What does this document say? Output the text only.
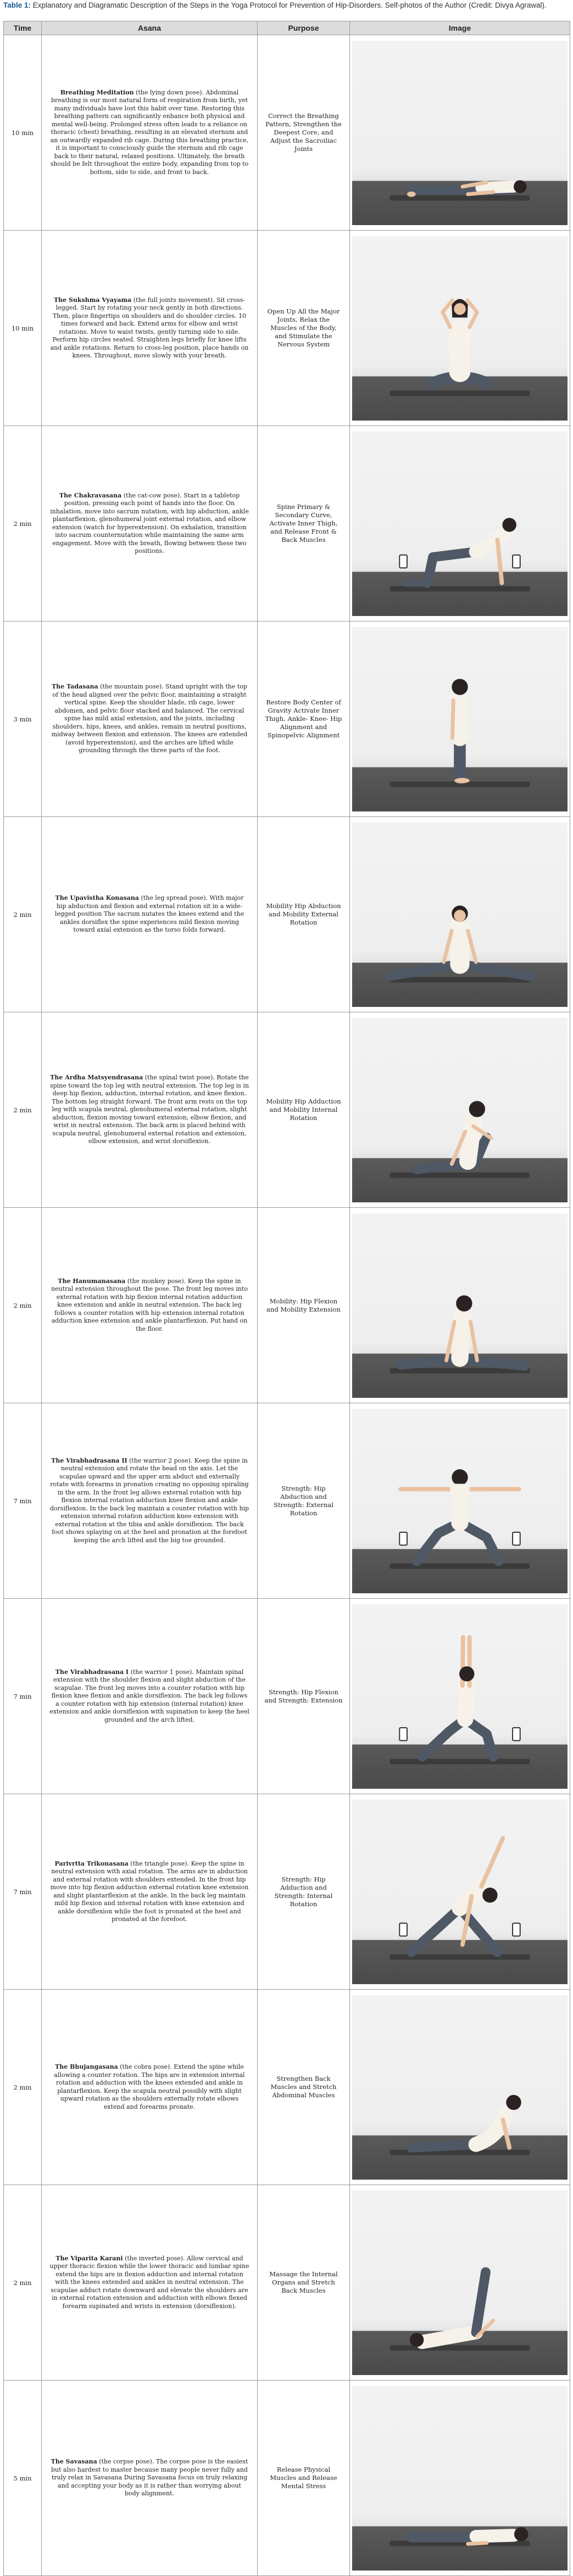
Table 1: Explanatory and Diagramatic Description of the Steps in the Yoga Protocol for Prevention of Hip-Disorders. Self-photos of the Author (Credit: Divya Agrawal).
Time	Asana	Purpose	Image
10 min	Breathing Meditation (the lying down pose). Abdominal breathing is our most natural form of respiration from birth, yet many individuals have lost this habit over time. Restoring this breathing pattern can significantly enhance both physical and mental well-being. Prolonged stress often leads to a reliance on thoracic (chest) breathing, resulting in an elevated sternum and an outwardly expanded rib cage. During this breathing practice, it is important to consciously guide the sternum and rib cage back to their natural, relaxed positions. Ultimately, the breath should be felt throughout the entire body, expanding from top to bottom, side to side, and front to back.	Correct the Breathing Pattern, Strengthen the Deepest Core, and Adjust the Sacroiliac Joints	

10 min	The Sukshma Vyayama (the full joints movement). Sit cross-legged. Start by rotating your neck gently in both directions. Then, place fingertips on shoulders and do shoulder circles. 10 times forward and back. Extend arms for elbow and wrist rotations. Move to waist twists, gently turning side to side. Perform hip circles seated. Straighten legs briefly for knee lifts and ankle rotations. Return to cross-leg position, place hands on knees. Throughout, move slowly with your breath.	Open Up All the Major Joints, Relax the Muscles of the Body, and Stimulate the Nervous System	

2 min	The Chakravasana (the cat-cow pose). Start in a tabletop position, pressing each point of hands into the floor. On inhalation, move into sacrum nutation, with hip abduction, ankle plantarflexion, glenohumeral joint external rotation, and elbow extension (watch for hyperextension). On exhalation, transition into sacrum counternutation while maintaining the same arm engagement. Move with the breath, flowing between these two positions.	Spine Primary & Secondary Curve, Activate Inner Thigh, and Release Front & Back Muscles	

3 min	The Tadasana (the mountain pose). Stand upright with the top of the head aligned over the pelvic floor, maintaining a straight vertical spine. Keep the shoulder blade, rib cage, lower abdomen, and pelvic floor stacked and balanced. The cervical spine has mild axial extension, and the joints, including shoulders, hips, knees, and ankles, remain in neutral positions, midway between flexion and extension. The knees are extended (avoid hyperextension), and the arches are lifted while grounding through the three parts of the foot.	Restore Body Center of Gravity Activate Inner Thigh, Ankle- Knee- Hip Alignment and Spinopelvic Alignment	

2 min	The Upavistha Konasana (the leg spread pose). With major hip abduction and flexion and external rotation sit in a wide-legged position The sacrum nutates the knees extend and the ankles dorsiflex the spine experiences mild flexion moving toward axial extension as the torso folds forward.	Mobility Hip Abduction and Mobility External Rotation	

2 min	The Ardha Matsyendrasana (the spinal twist pose). Rotate the spine toward the top leg with neutral extension. The top leg is in deep hip flexion, adduction, internal rotation, and knee flexion. The bottom leg straight forward. The front arm rests on the top leg with scapula neutral, glenohumeral external rotation, slight abduction, flexion moving toward extension, elbow flexion, and wrist in neutral extension. The back arm is placed behind with scapula neutral, glenohumeral external rotation and extension, elbow extension, and wrist dorsiflexion.	Mobility Hip Adduction and Mobility Internal Rotation	

2 min	The Hanumanasana (the monkey pose). Keep the spine in neutral extension throughout the pose. The front leg moves into external rotation with hip flexion internal rotation adduction knee extension and ankle in neutral extension. The back leg follows a counter rotation with hip extension internal rotation adduction knee extension and ankle plantarflexion. Put hand on the floor.	Mobility: Hip Flexion and Mobility Extension	

7 min	The Virabhadrasana II (the warrior 2 pose). Keep the spine in neutral extension and rotate the head on the axis. Let the scapulae upward and the upper arm abduct and externally rotate with forearms in pronation creating no opposing spiraling in the arm. In the front leg allows external rotation with hip flexion internal rotation adduction knee flexion and ankle dorsiflexion. In the back leg maintain a counter rotation with hip extension internal rotation adduction knee extension with external rotation at the tibia and ankle dorsiflexion. The back foot shows splaying on at the heel and pronation at the forefoot keeping the arch lifted and the big toe grounded.	Strength: Hip Abduction and Strength: External Rotation	

7 min	The Virabhadrasana I (the warrior 1 pose). Maintain spinal extension with the shoulder flexion and slight abduction of the scapulae. The front leg moves into a counter rotation with hip flexion knee flexion and ankle dorsiflexion. The back leg follows a counter rotation with hip extension (internal rotation) knee extension and ankle dorsiflexion with supination to keep the heel grounded and the arch lifted.	Strength: Hip Flexion and Strength: Extension	

7 min	Parivrtta Trikonasana (the triangle pose). Keep the spine in neutral extension with axial rotation. The arms are in abduction and external rotation with shoulders extended. In the front hip move into hip flexion adduction external rotation knee extension and slight plantarflexion at the ankle. In the back leg maintain mild hip flexion and internal rotation with knee extension and ankle dorsiflexion while the foot is pronated at the heel and pronated at the forefoot.	Strength: Hip Adduction and Strength: Internal Rotation	

2 min	The Bhujangasana (the cobra pose). Extend the spine while allowing a counter rotation. The hips are in extension internal rotation and adduction with the knees extended and ankle in plantarflexion. Keep the scapula neutral possibly with slight upward rotation as the shoulders externally rotate elbows extend and forearms pronate.	Strengthen Back Muscles and Stretch Abdominal Muscles	

2 min	The Viparita Karani (the inverted pose). Allow cervical and upper thoracic flexion while the lower thoracic and lumbar spine extend the hips are in flexion adduction and internal rotation with the knees extended and ankles in neutral extension. The scapulae adduct rotate downward and elevate the shoulders are in external rotation extension and adduction with elbows flexed forearm supinated and wrists in extension (dorsiflexion).	Massage the Internal Organs and Stretch Back Muscles	

5 min	The Savasana (the corpse pose). The corpse pose is the easiest but also hardest to master because many people never fully and truly relax in Savasana During Savasana focus on truly relaxing and accepting your body as it is rather than worrying about body alignment.	Release Physical Muscles and Release Mental Stress	
